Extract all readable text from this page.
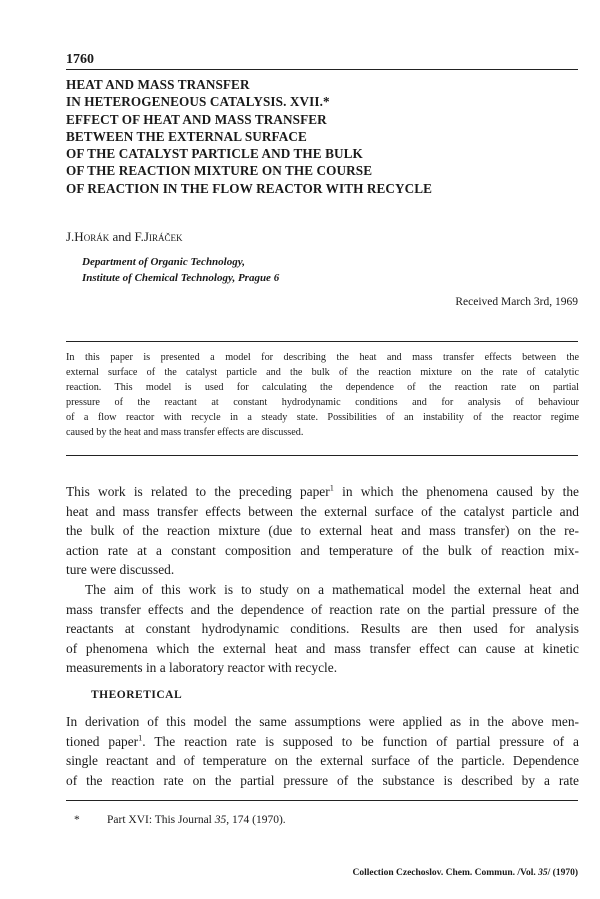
1760
HEAT AND MASS TRANSFER
IN HETEROGENEOUS CATALYSIS. XVII.*
EFFECT OF HEAT AND MASS TRANSFER
BETWEEN THE EXTERNAL SURFACE
OF THE CATALYST PARTICLE AND THE BULK
OF THE REACTION MIXTURE ON THE COURSE
OF REACTION IN THE FLOW REACTOR WITH RECYCLE
J.Horák and F.Jiráček
Department of Organic Technology,
Institute of Chemical Technology, Prague 6
Received March 3rd, 1969
In this paper is presented a model for describing the heat and mass transfer effects between the
external surface of the catalyst particle and the bulk of the reaction mixture on the rate of catalytic
reaction. This model is used for calculating the dependence of the reaction rate on partial
pressure of the reactant at constant hydrodynamic conditions and for analysis of behaviour
of a flow reactor with recycle in a steady state. Possibilities of an instability of the reactor regime
caused by the heat and mass transfer effects are discussed.
This work is related to the preceding paper$^1$ in which the phenomena caused by the
heat and mass transfer effects between the external surface of the catalyst particle and
the bulk of the reaction mixture (due to external heat and mass transfer) on the re-
action rate at a constant composition and temperature of the bulk of reaction mix-
ture were discussed.
The aim of this work is to study on a mathematical model the external heat and
mass transfer effects and the dependence of reaction rate on the partial pressure of the
reactants at constant hydrodynamic conditions. Results are then used for analysis
of phenomena which the external heat and mass transfer effect can cause at kinetic
measurements in a laboratory reactor with recycle.
THEORETICAL
In derivation of this model the same assumptions were applied as in the above men-
tioned paper$^1$. The reaction rate is supposed to be function of partial pressure of a
single reactant and of temperature on the external surface of the particle. Dependence
of the reaction rate on the partial pressure of the substance is described by a rate
* Part XVI: This Journal 35, 174 (1970).
Collection Czechoslov. Chem. Commun. /Vol. 35/ (1970)
